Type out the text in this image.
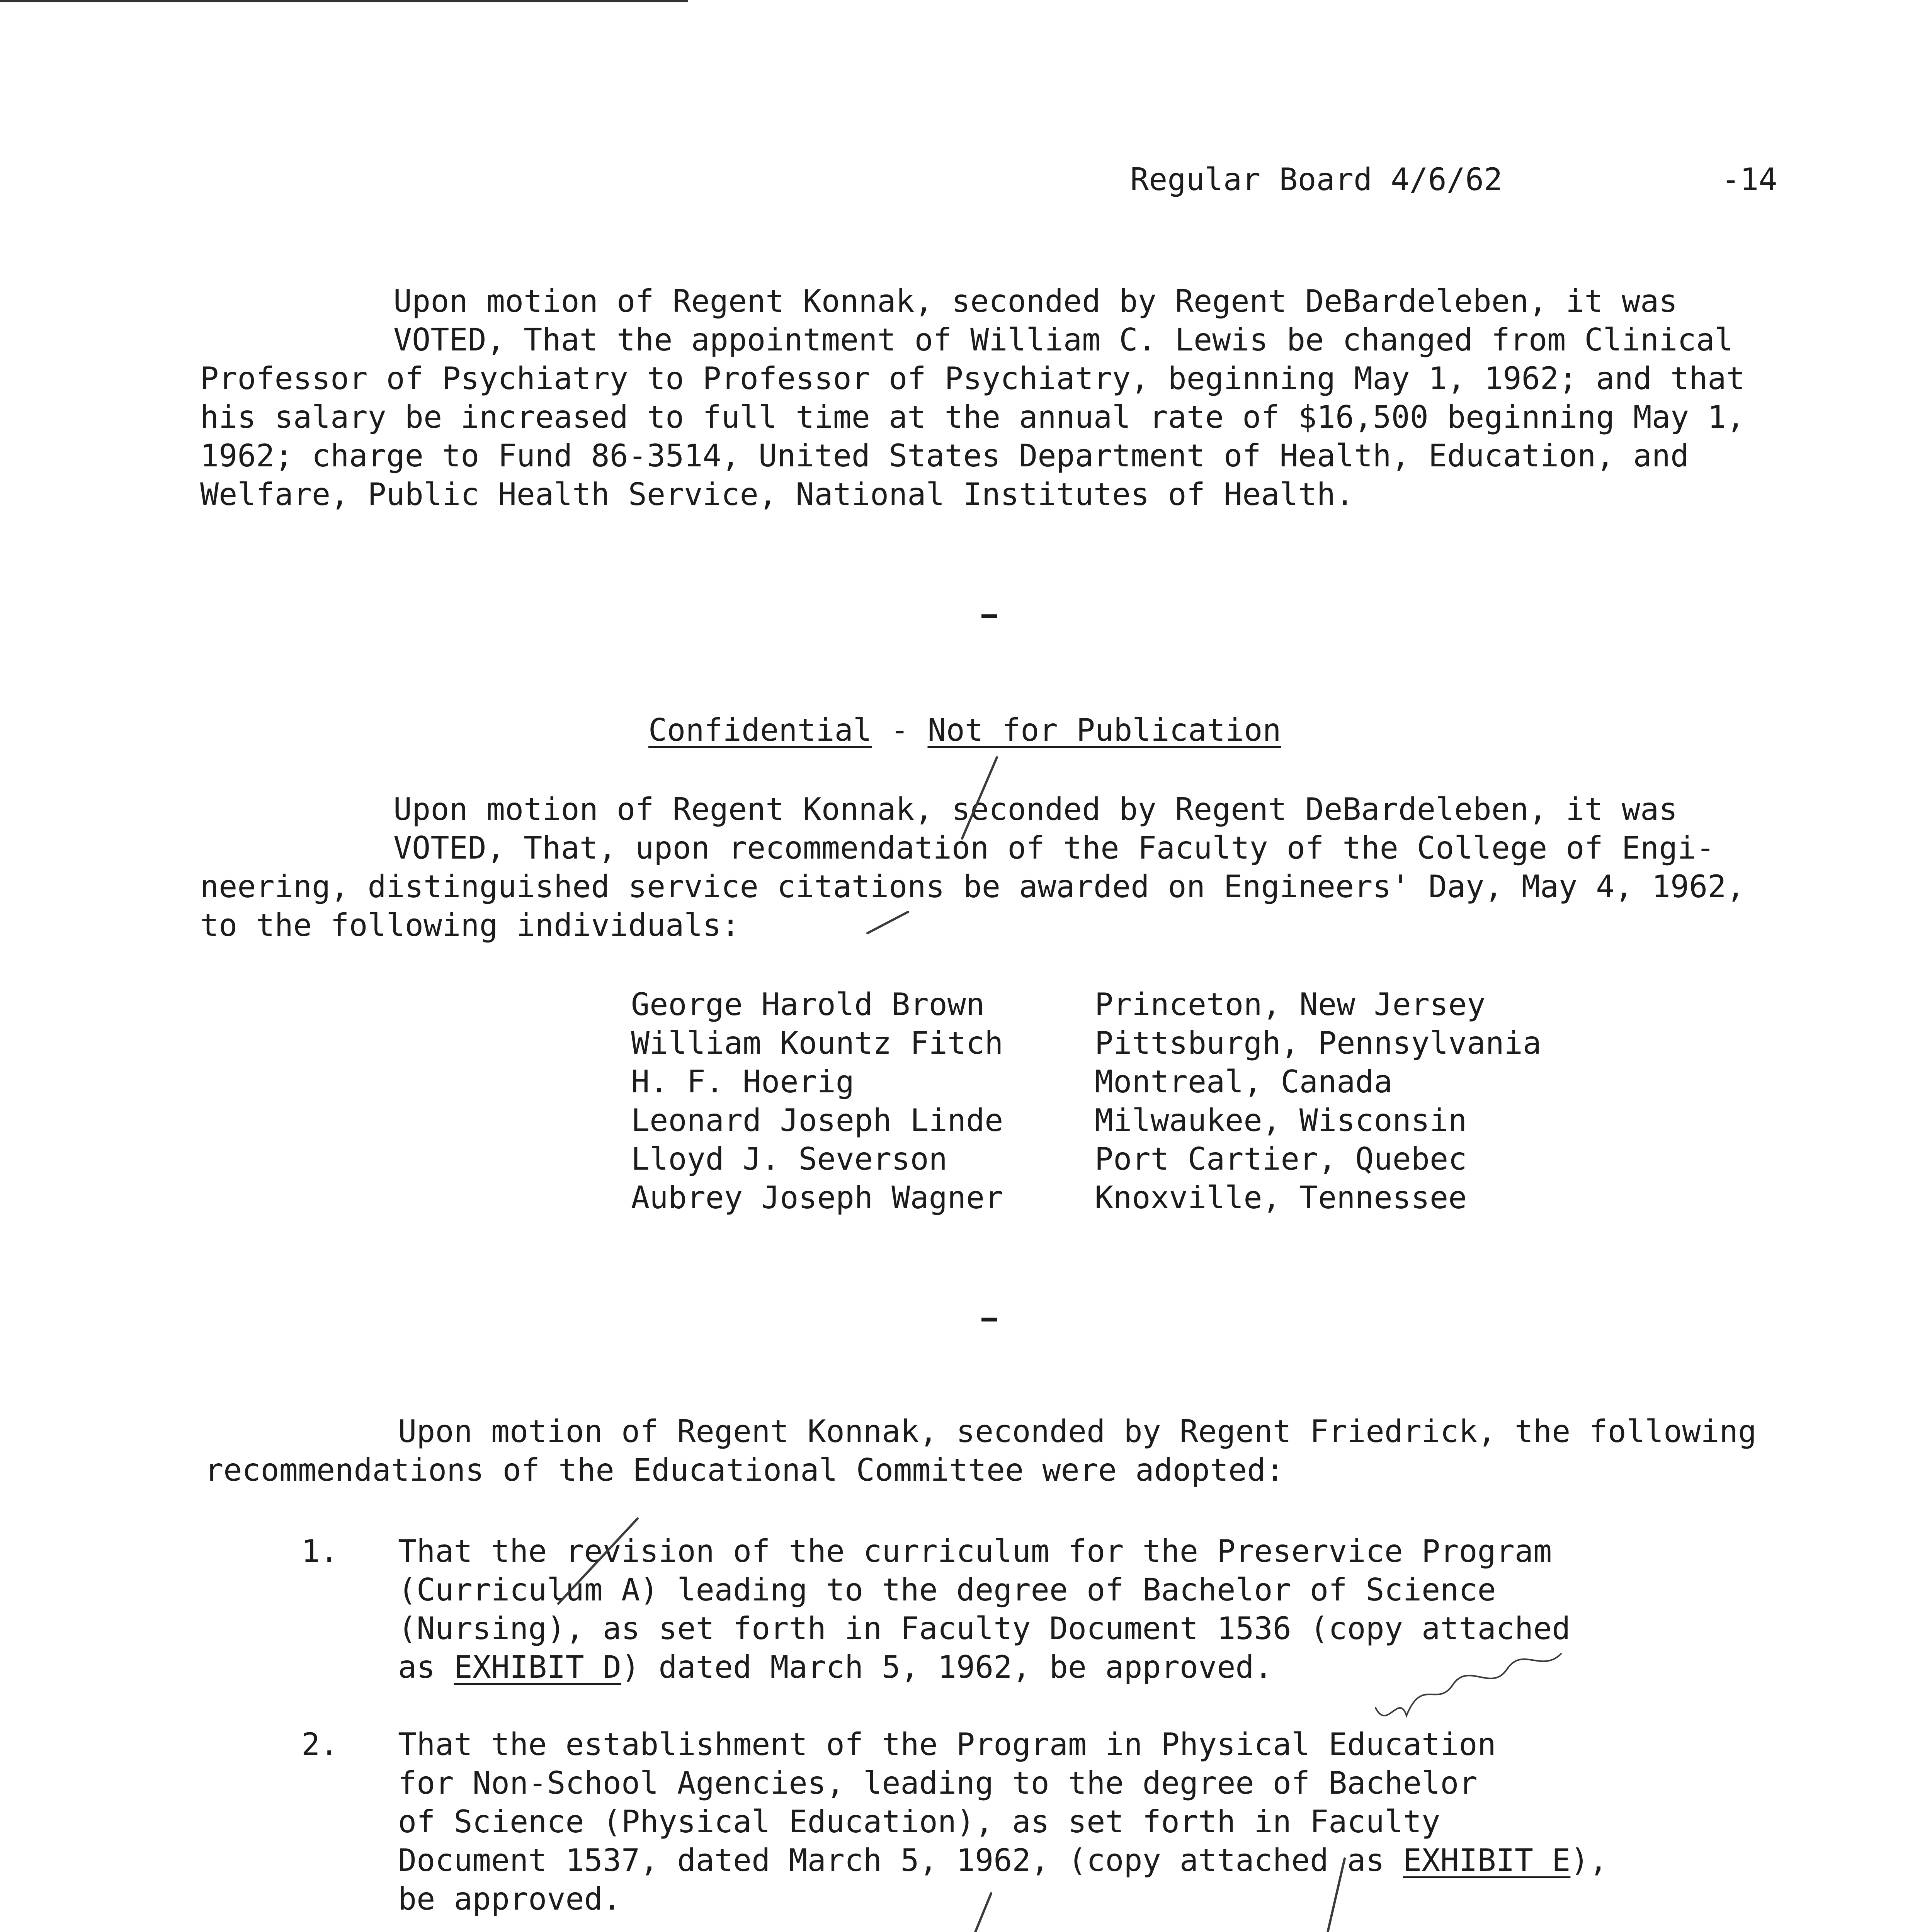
Regular Board 4/6/62	-14

Upon motion of Regent Konnak, seconded by Regent DeBardeleben, it was

VOTED, That the appointment of William C. Lewis be changed from Clinical

Professor of Psychiatry to Professor of Psychiatry, beginning May 1, 1962; and that

his salary be increased to full time at the annual rate of $16,500 beginning May 1,

1962; charge to Fund 86-3514, United States Department of Health, Education, and

Welfare, Public Health Service, National Institutes of Health.

Confidential - Not for Publication

Upon motion of Regent Konnak, seconded by Regent DeBardeleben, it was

VOTED, That, upon recommendation of the Faculty of the College of Engi-

neering, distinguished service citations be awarded on Engineers' Day, May 4, 1962,

to the following individuals:

George Harold Brown

	Princeton, New Jersey

William Kountz Fitch

	Pittsburgh, Pennsylvania

H. F. Hoerig

	Montreal, Canada

Leonard Joseph Linde

	Milwaukee, Wisconsin

Lloyd J. Severson

	Port Cartier, Quebec

Aubrey Joseph Wagner

	Knoxville, Tennessee

Upon motion of Regent Konnak, seconded by Regent Friedrick, the following

recommendations of the Educational Committee were adopted:

1.

That the revision of the curriculum for the Preservice Program

(Curriculum A) leading to the degree of Bachelor of Science

(Nursing), as set forth in Faculty Document 1536 (copy attached

as EXHIBIT D) dated March 5, 1962, be approved.

2.

That the establishment of the Program in Physical Education

for Non-School Agencies, leading to the degree of Bachelor

of Science (Physical Education), as set forth in Faculty

Document 1537, dated March 5, 1962, (copy attached as EXHIBIT E),

be approved.
